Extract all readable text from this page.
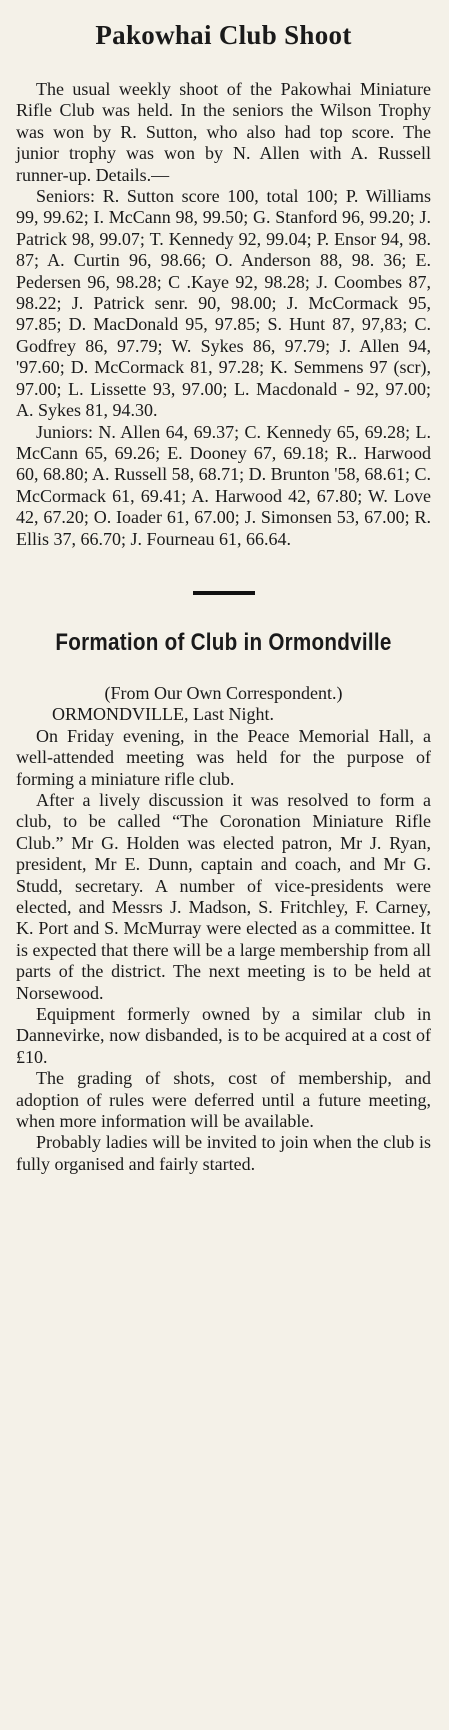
Pakowhai Club Shoot

The usual weekly shoot of the Pakowhai Miniature Rifle Club was held. In the seniors the Wilson Trophy was won by R. Sutton, who also had top score. The junior trophy was won by N. Allen with A. Russell runner-up. Details.—

Seniors: R. Sutton score 100, total 100; P. Williams 99, 99.62; I. McCann 98, 99.50; G. Stanford 96, 99.20; J. Patrick 98, 99.07; T. Kennedy 92, 99.04; P. Ensor 94, 98. 87; A. Curtin 96, 98.66; O. Anderson 88, 98. 36; E. Pedersen 96, 98.28; C .Kaye 92, 98.28; J. Coombes 87, 98.22; J. Patrick senr. 90, 98.00; J. McCormack 95, 97.85; D. MacDonald 95, 97.85; S. Hunt 87, 97,83; C. Godfrey 86, 97.79; W. Sykes 86, 97.79; J. Allen 94, '97.60; D. McCormack 81, 97.28; K. Semmens 97 (scr), 97.00; L. Lissette 93, 97.00; L. Macdonald - 92, 97.00; A. Sykes 81, 94.30.

Juniors: N. Allen 64, 69.37; C. Kennedy 65, 69.28; L. McCann 65, 69.26; E. Dooney 67, 69.18; R.. Harwood 60, 68.80; A. Russell 58, 68.71; D. Brunton '58, 68.61; C. McCormack 61, 69.41; A. Harwood 42, 67.80; W. Love 42, 67.20; O. Ioader 61, 67.00; J. Simonsen 53, 67.00; R. Ellis 37, 66.70; J. Fourneau 61, 66.64.

Formation of Club in Ormondville

(From Our Own Correspondent.)

ORMONDVILLE, Last Night.

On Friday evening, in the Peace Memorial Hall, a well-attended meeting was held for the purpose of forming a miniature rifle club.

After a lively discussion it was resolved to form a club, to be called “The Coronation Miniature Rifle Club.” Mr G. Holden was elected patron, Mr J. Ryan, president, Mr E. Dunn, captain and coach, and Mr G. Studd, secretary. A number of vice-presidents were elected, and Messrs J. Madson, S. Fritchley, F. Carney, K. Port and S. McMurray were elected as a committee. It is expected that there will be a large membership from all parts of the district. The next meeting is to be held at Norsewood.

Equipment formerly owned by a similar club in Dannevirke, now disbanded, is to be acquired at a cost of £10.

The grading of shots, cost of membership, and adoption of rules were deferred until a future meeting, when more information will be available.

Probably ladies will be invited to join when the club is fully organised and fairly started.
